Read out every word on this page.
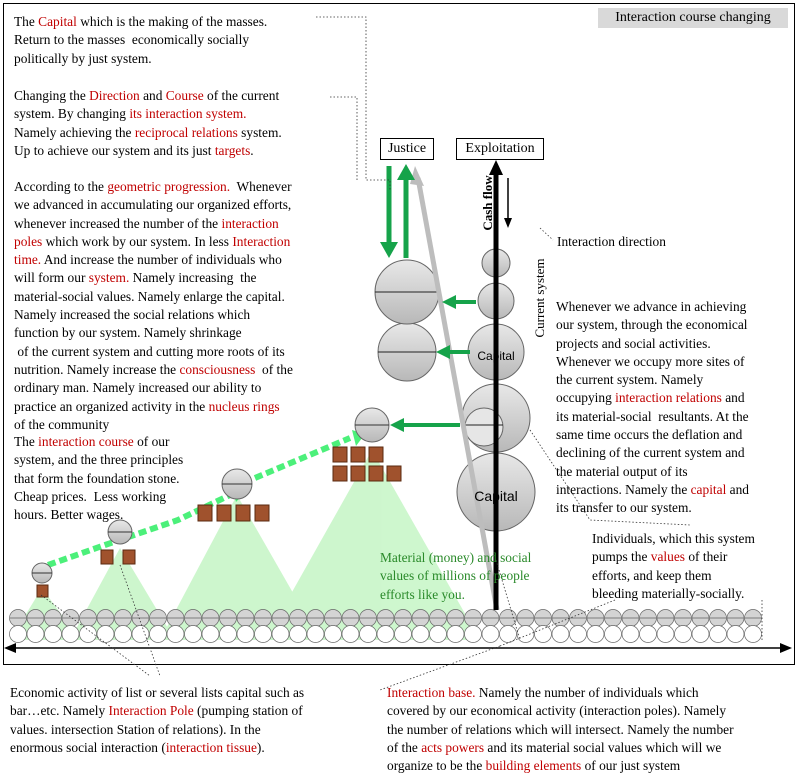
Interaction course changing
Justice	Exploitation
Cash flow
Current system
Capital
Capital
Interaction direction
The Capital which is the making of the masses.
Return to the masses  economically socially
politically by just system.
Changing the Direction and Course of the current
system. By changing its interaction system.
Namely achieving the reciprocal relations system.
Up to achieve our system and its just targets.
According to the geometric progression.  Whenever
we advanced in accumulating our organized efforts,
whenever increased the number of the interaction
poles which work by our system. In less Interaction
time. And increase the number of individuals who
will form our system. Namely increasing  the
material-social values. Namely enlarge the capital.
Namely increased the social relations which
function by our system. Namely shrinkage
of the current system and cutting more roots of its
nutrition. Namely increase the consciousness  of the
ordinary man. Namely increased our ability to
practice an organized activity in the nucleus rings
of the community
The interaction course of our
system, and the three principles
that form the foundation stone.
Cheap prices.  Less working
hours. Better wages.
Whenever we advance in achieving
our system, through the economical
projects and social activities.
Whenever we occupy more sites of
the current system. Namely
occupying interaction relations and
its material-social  resultants. At the
same time occurs the deflation and
declining of the current system and
the material output of its
interactions. Namely the capital and
its transfer to our system.
Individuals, which this system
pumps the values of their
efforts, and keep them
bleeding materially-socially.
Material (money) and social
values of millions of people
efforts like you.
Economic activity of list or several lists capital such as
bar…etc. Namely Interaction Pole (pumping station of
values. intersection Station of relations). In the
enormous social interaction (interaction tissue).
Interaction base. Namely the number of individuals which
covered by our economical activity (interaction poles). Namely
the number of relations which will intersect. Namely the number
of the acts powers and its material social values which will we
organize to be the building elements of our just system
